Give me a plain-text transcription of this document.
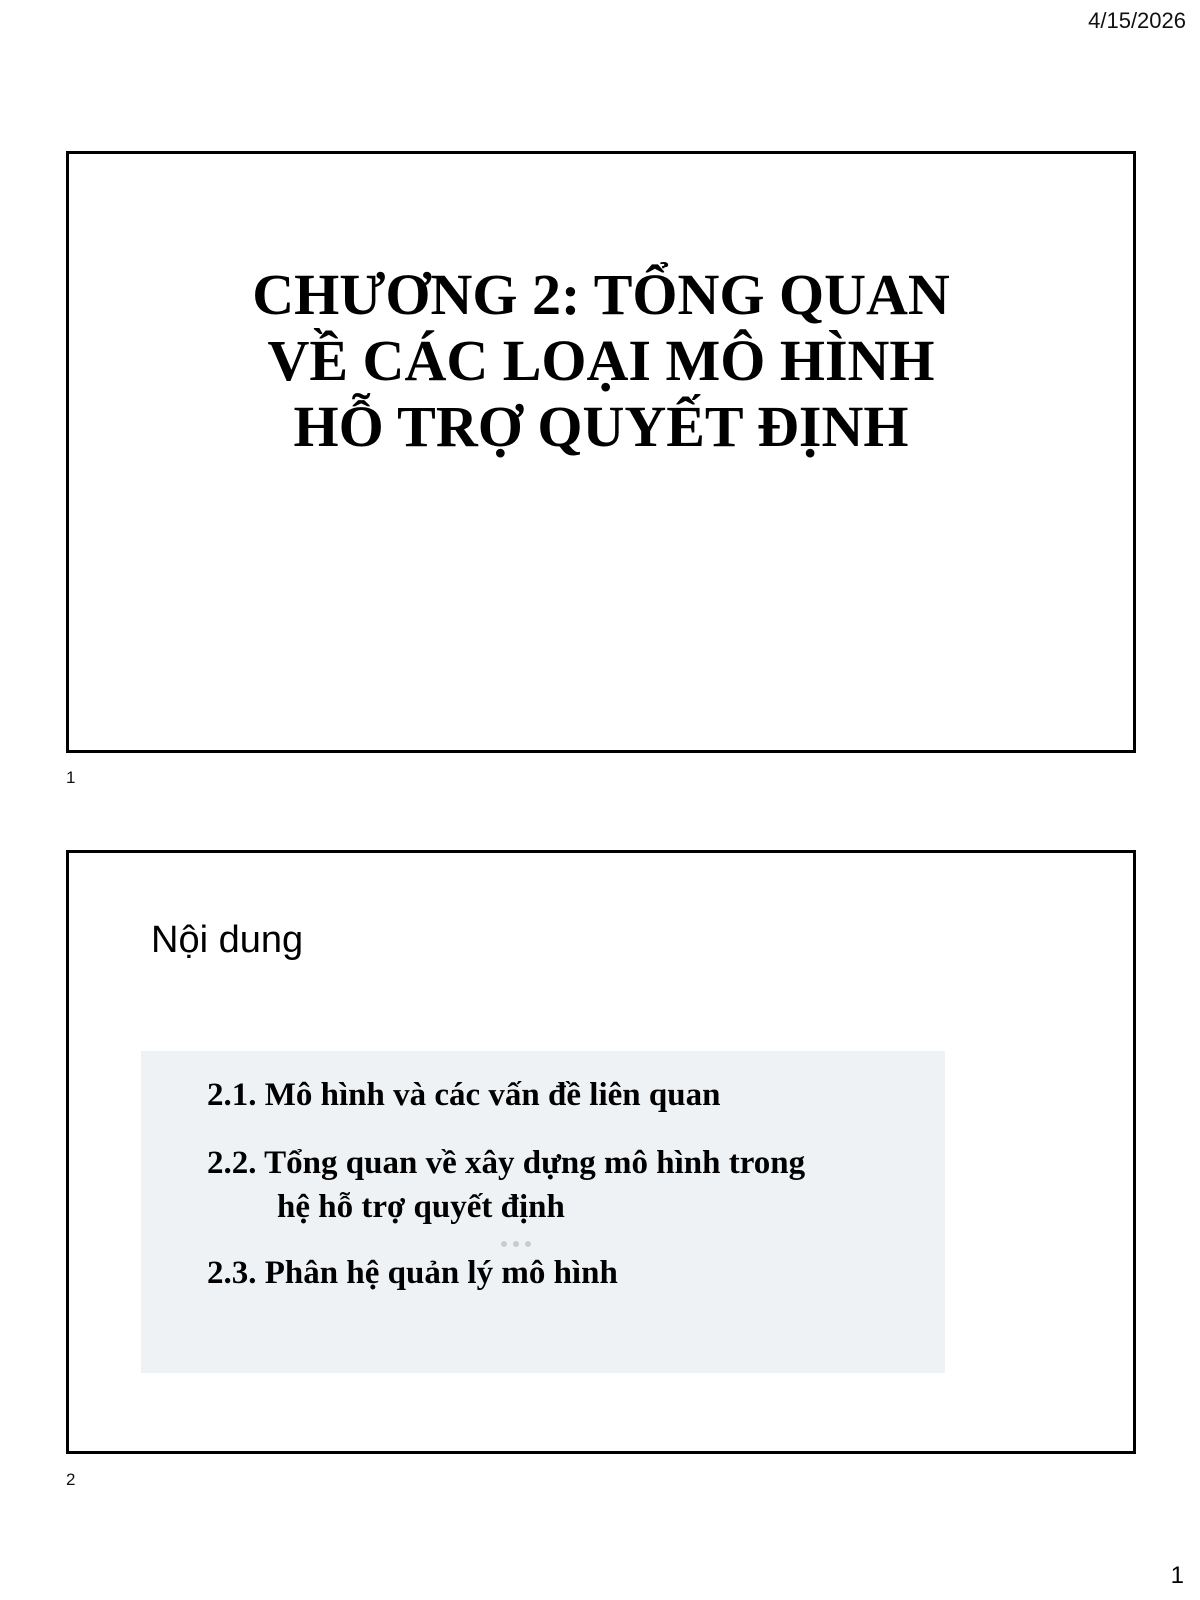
4/15/2026
CHƯƠNG 2: TỔNG QUAN
VỀ CÁC LOẠI MÔ HÌNH
HỖ TRỢ QUYẾT ĐỊNH
1
Nội dung
2.1. Mô hình và các vấn đề liên quan
2.2. Tổng quan về xây dựng mô hình trong
hệ hỗ trợ quyết định
2.3. Phân hệ quản lý mô hình
2
1
